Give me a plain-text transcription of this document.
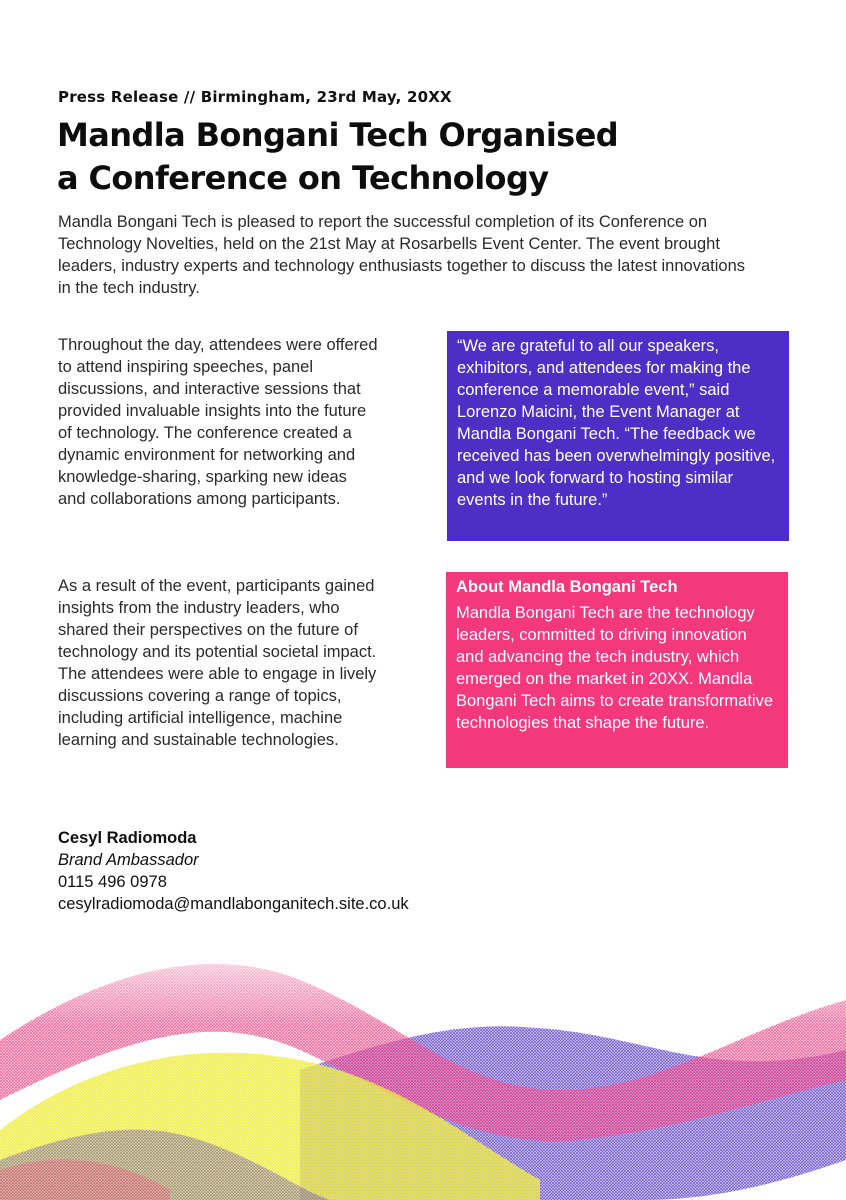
Press Release // Birmingham, 23rd May, 20XX
Mandla Bongani Tech Organised
a Conference on Technology

Mandla Bongani Tech is pleased to report the successful completion of its Conference on Technology Novelties, held on the 21st May at Rosarbells Event Center. The event brought leaders, industry experts and technology enthusiasts together to discuss the latest innovations in the tech industry.

Throughout the day, attendees were offered to attend inspiring speeches, panel discussions, and interactive sessions that provided invaluable insights into the future of technology. The conference created a dynamic environment for networking and knowledge-sharing, sparking new ideas and collaborations among participants.

As a result of the event, participants gained insights from the industry leaders, who shared their perspectives on the future of technology and its potential societal impact. The attendees were able to engage in lively discussions covering a range of topics, including artificial intelligence, machine learning and sustainable technologies.

“We are grateful to all our speakers, exhibitors, and attendees for making the conference a memorable event,” said Lorenzo Maicini, the Event Manager at Mandla Bongani Tech. “The feedback we received has been overwhelmingly positive, and we look forward to hosting similar events in the future.”
About Mandla Bongani Tech

Mandla Bongani Tech are the technology leaders, committed to driving innovation and advancing the tech industry, which emerged on the market in 20XX. Mandla Bongani Tech aims to create transformative technologies that shape the future.

Cesyl Radiomoda
Brand Ambassador
0115 496 0978
cesylradiomoda@mandlabonganitech.site.co.uk
